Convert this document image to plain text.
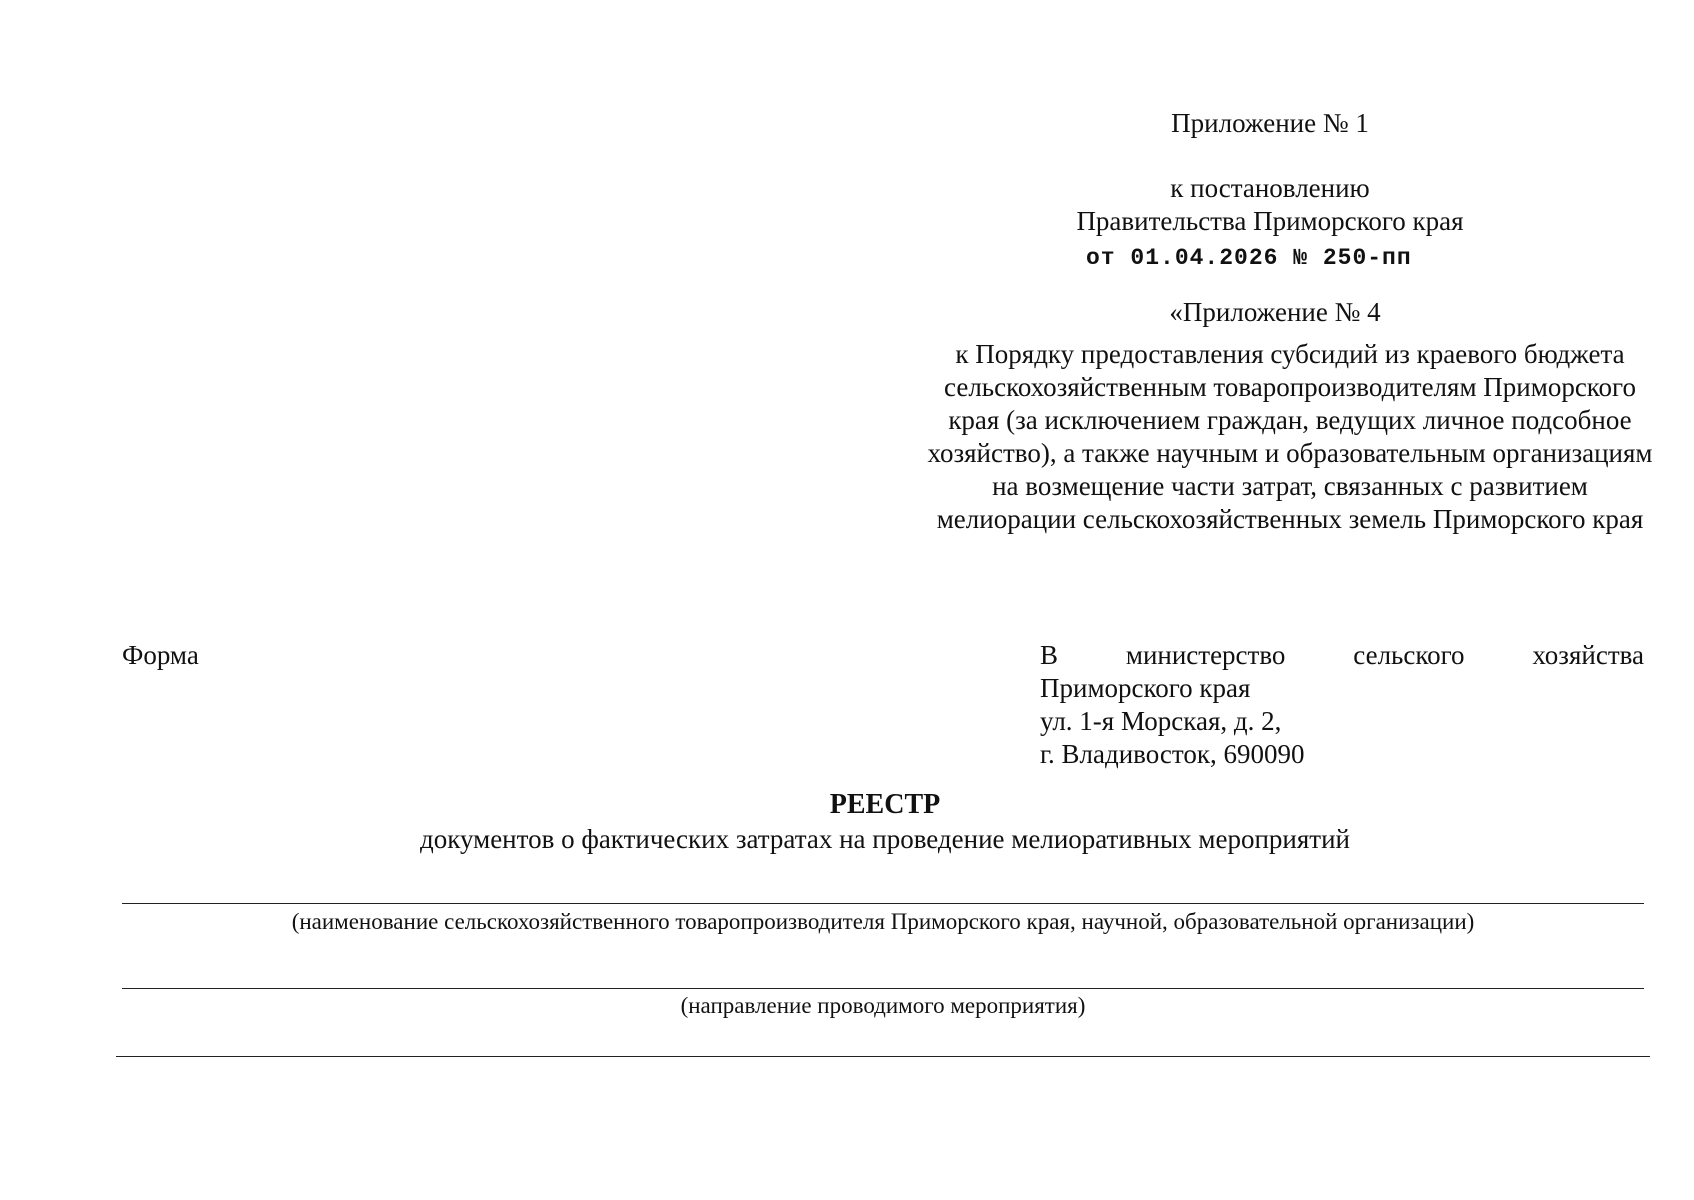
Приложение № 1
к постановлению
Правительства Приморского края
от 01.04.2026 № 250-пп
«Приложение № 4
к Порядку предоставления субсидий из краевого бюджета
сельскохозяйственным товаропроизводителям Приморского
края (за исключением граждан, ведущих личное подсобное
хозяйство), а также научным и образовательным организациям
на возмещение части затрат, связанных с развитием
мелиорации сельскохозяйственных земель Приморского края
Форма	В	министерство	сельского	хозяйства
Приморского края
ул. 1-я Морская, д. 2,
г. Владивосток, 690090
РЕЕСТР
документов о фактических затратах на проведение мелиоративных мероприятий
(наименование сельскохозяйственного товаропроизводителя Приморского края, научной, образовательной организации)
(направление проводимого мероприятия)
